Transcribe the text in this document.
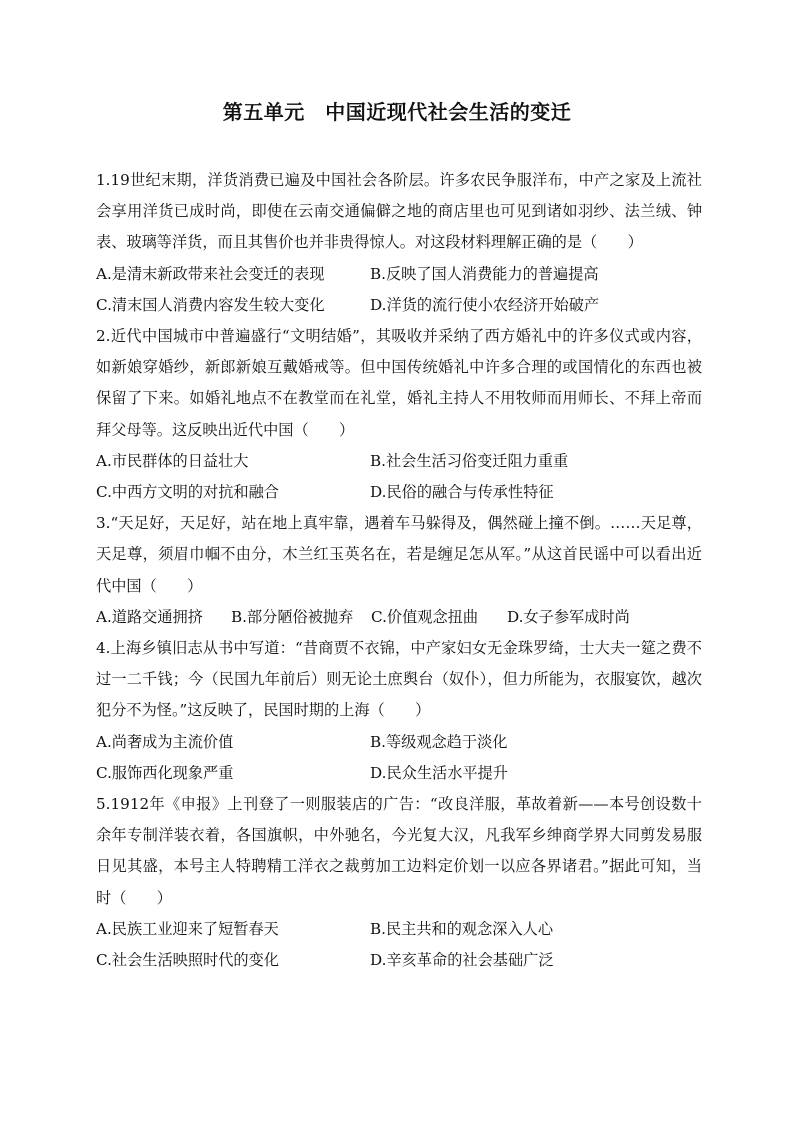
第五单元　中国近现代社会生活的变迁

1.19世纪末期，洋货消费已遍及中国社会各阶层。许多农民争服洋布，中产之家及上流社会享用洋货已成时尚，即使在云南交通偏僻之地的商店里也可见到诸如羽纱、法兰绒、钟表、玻璃等洋货，而且其售价也并非贵得惊人。对这段材料理解正确的是（　　）

A.是清末新政带来社会变迁的表现	B.反映了国人消费能力的普遍提高
C.清末国人消费内容发生较大变化	D.洋货的流行使小农经济开始破产

2.近代中国城市中普遍盛行“文明结婚”，其吸收并采纳了西方婚礼中的许多仪式或内容，如新娘穿婚纱，新郎新娘互戴婚戒等。但中国传统婚礼中许多合理的或国情化的东西也被保留了下来。如婚礼地点不在教堂而在礼堂，婚礼主持人不用牧师而用师长、不拜上帝而拜父母等。这反映出近代中国（　　）

A.市民群体的日益壮大	B.社会生活习俗变迁阻力重重
C.中西方文明的对抗和融合	D.民俗的融合与传承性特征

3.“天足好，天足好，站在地上真牢靠，遇着车马躲得及，偶然碰上撞不倒。……天足尊，天足尊，须眉巾帼不由分，木兰红玉英名在，若是缠足怎从军。”从这首民谣中可以看出近代中国（　　）

A.道路交通拥挤	B.部分陋俗被抛弃	C.价值观念扭曲	D.女子参军成时尚

4.上海乡镇旧志从书中写道：“昔商贾不衣锦，中产家妇女无金珠罗绮，士大夫一筵之费不过一二千钱；今（民国九年前后）则无论土庶舆台（奴仆），但力所能为，衣服宴饮，越次犯分不为怪。”这反映了，民国时期的上海（　　）

A.尚奢成为主流价值	B.等级观念趋于淡化
C.服饰西化现象严重	D.民众生活水平提升

5.1912年《申报》上刊登了一则服装店的广告：“改良洋服，革故着新——本号创设数十余年专制洋装衣着，各国旗帜，中外驰名，今光复大汉，凡我军乡绅商学界大同剪发易服日见其盛，本号主人特聘精工洋衣之裁剪加工边料定价划一以应各界诸君。”据此可知，当时（　　）

A.民族工业迎来了短暂春天	B.民主共和的观念深入人心
C.社会生活映照时代的变化	D.辛亥革命的社会基础广泛
